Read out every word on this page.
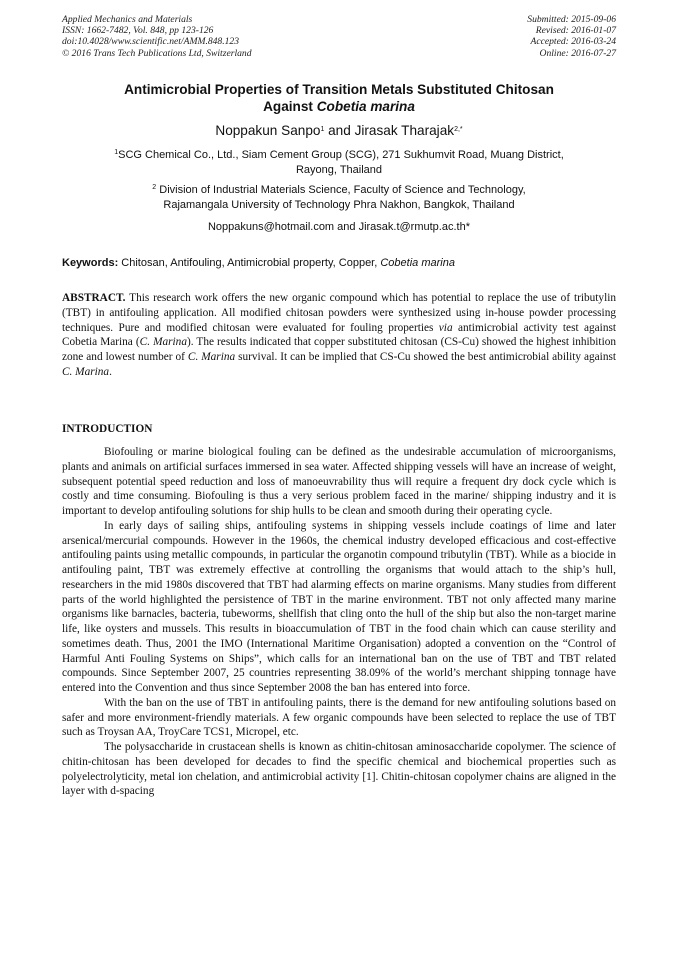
Applied Mechanics and Materials
ISSN: 1662-7482, Vol. 848, pp 123-126
doi:10.4028/www.scientific.net/AMM.848.123
© 2016 Trans Tech Publications Ltd, Switzerland
Submitted: 2015-09-06
Revised: 2016-01-07
Accepted: 2016-03-24
Online: 2016-07-27
Antimicrobial Properties of Transition Metals Substituted Chitosan
Against Cobetia marina
Noppakun Sanpo$^1$ and Jirasak Tharajak$^{2,*}$
$^1$SCG Chemical Co., Ltd., Siam Cement Group (SCG), 271 Sukhumvit Road, Muang District,
Rayong, Thailand
$^2$ Division of Industrial Materials Science, Faculty of Science and Technology,
Rajamangala University of Technology Phra Nakhon, Bangkok, Thailand
Noppakuns@hotmail.com and Jirasak.t@rmutp.ac.th*
Keywords: Chitosan, Antifouling, Antimicrobial property, Copper, Cobetia marina
ABSTRACT. This research work offers the new organic compound which has potential to replace the use of tributylin (TBT) in antifouling application. All modified chitosan powders were synthesized using in-house powder processing techniques. Pure and modified chitosan were evaluated for fouling properties via antimicrobial activity test against Cobetia Marina (C. Marina). The results indicated that copper substituted chitosan (CS-Cu) showed the highest inhibition zone and lowest number of C. Marina survival. It can be implied that CS-Cu showed the best antimicrobial ability against C. Marina.
INTRODUCTION

Biofouling or marine biological fouling can be defined as the undesirable accumulation of microorganisms, plants and animals on artificial surfaces immersed in sea water. Affected shipping vessels will have an increase of weight, subsequent potential speed reduction and loss of manoeuvrability thus will require a frequent dry dock cycle which is costly and time consuming. Biofouling is thus a very serious problem faced in the marine/ shipping industry and it is important to develop antifouling solutions for ship hulls to be clean and smooth during their operating cycle.

In early days of sailing ships, antifouling systems in shipping vessels include coatings of lime and later arsenical/mercurial compounds. However in the 1960s, the chemical industry developed efficacious and cost-effective antifouling paints using metallic compounds, in particular the organotin compound tributylin (TBT). While as a biocide in antifouling paint, TBT was extremely effective at controlling the organisms that would attach to the ship’s hull, researchers in the mid 1980s discovered that TBT had alarming effects on marine organisms. Many studies from different parts of the world highlighted the persistence of TBT in the marine environment. TBT not only affected many marine organisms like barnacles, bacteria, tubeworms, shellfish that cling onto the hull of the ship but also the non-target marine life, like oysters and mussels. This results in bioaccumulation of TBT in the food chain which can cause sterility and sometimes death. Thus, 2001 the IMO (International Maritime Organisation) adopted a convention on the “Control of Harmful Anti Fouling Systems on Ships”, which calls for an international ban on the use of TBT and TBT related compounds. Since September 2007, 25 countries representing 38.09% of the world’s merchant shipping tonnage have entered into the Convention and thus since September 2008 the ban has entered into force.

With the ban on the use of TBT in antifouling paints, there is the demand for new antifouling solutions based on safer and more environment-friendly materials. A few organic compounds have been selected to replace the use of TBT such as Troysan AA, TroyCare TCS1, Micropel, etc.

The polysaccharide in crustacean shells is known as chitin-chitosan aminosaccharide copolymer. The science of chitin-chitosan has been developed for decades to find the specific chemical and biochemical properties such as polyelectrolyticity, metal ion chelation, and antimicrobial activity [1]. Chitin-chitosan copolymer chains are aligned in the layer with d-spacing
